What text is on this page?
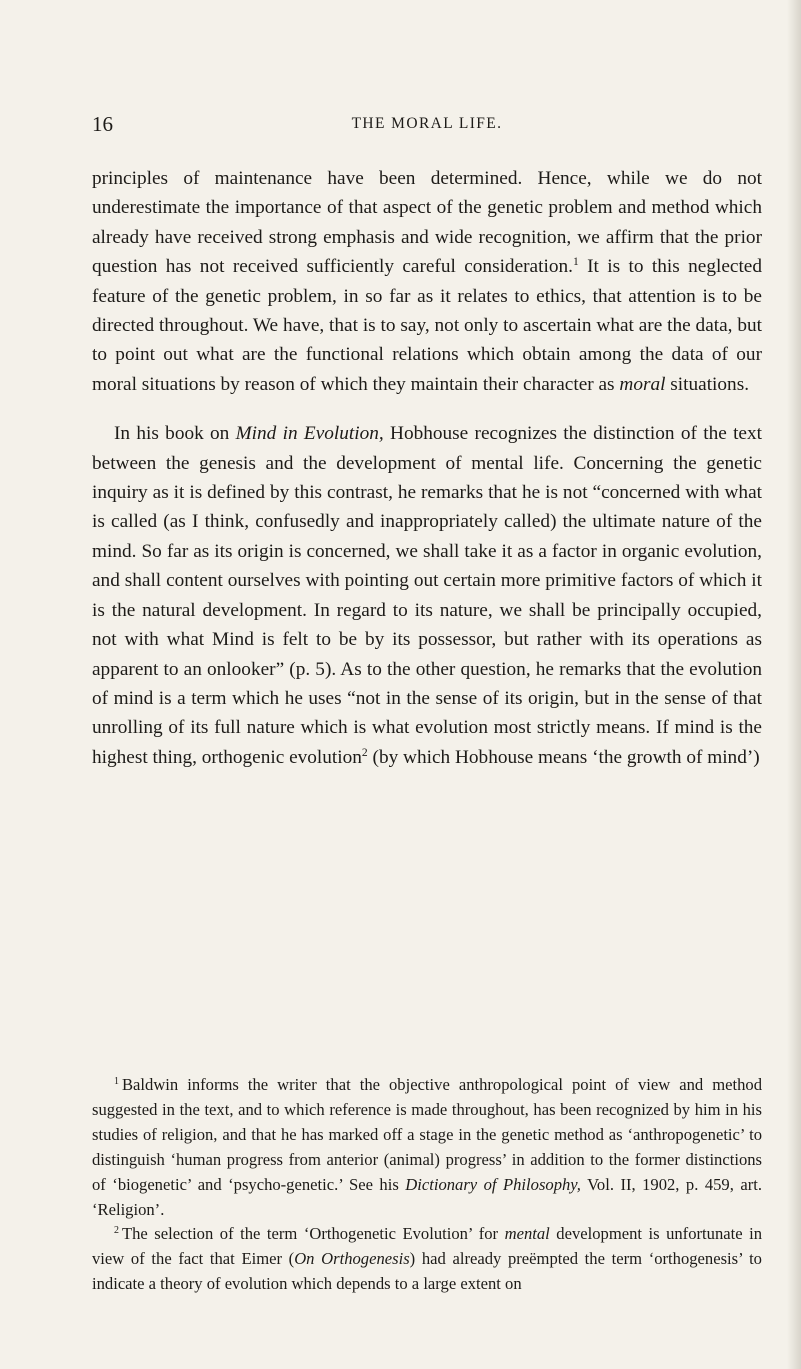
16	THE MORAL LIFE.

principles of maintenance have been determined. Hence, while we do not underestimate the importance of that aspect of the genetic problem and method which already have received strong emphasis and wide recognition, we affirm that the prior question has not received sufficiently careful consideration.$^1$ It is to this neglected feature of the genetic problem, in so far as it relates to ethics, that attention is to be directed throughout. We have, that is to say, not only to ascertain what are the data, but to point out what are the functional relations which obtain among the data of our moral situations by reason of which they maintain their character as moral situations.

In his book on Mind in Evolution, Hobhouse recognizes the distinction of the text between the genesis and the development of mental life. Concerning the genetic inquiry as it is defined by this contrast, he remarks that he is not “concerned with what is called (as I think, confusedly and inappropriately called) the ultimate nature of the mind. So far as its origin is concerned, we shall take it as a factor in organic evolution, and shall content ourselves with pointing out certain more primitive factors of which it is the natural development. In regard to its nature, we shall be principally occupied, not with what Mind is felt to be by its possessor, but rather with its operations as apparent to an onlooker” (p. 5). As to the other question, he remarks that the evolution of mind is a term which he uses “not in the sense of its origin, but in the sense of that unrolling of its full nature which is what evolution most strictly means. If mind is the highest thing, orthogenic evolution$^2$ (by which Hobhouse means ‘the growth of mind’)

$^1$ Baldwin informs the writer that the objective anthropological point of view and method suggested in the text, and to which reference is made throughout, has been recognized by him in his studies of religion, and that he has marked off a stage in the genetic method as ‘anthropogenetic’ to distinguish ‘human progress from anterior (animal) progress’ in addition to the former distinctions of ‘biogenetic’ and ‘psycho-genetic.’ See his Dictionary of Philosophy, Vol. II, 1902, p. 459, art. ‘Religion’.

$^2$ The selection of the term ‘Orthogenetic Evolution’ for mental development is unfortunate in view of the fact that Eimer (On Orthogenesis) had already preëmpted the term ‘orthogenesis’ to indicate a theory of evolution which depends to a large extent on
